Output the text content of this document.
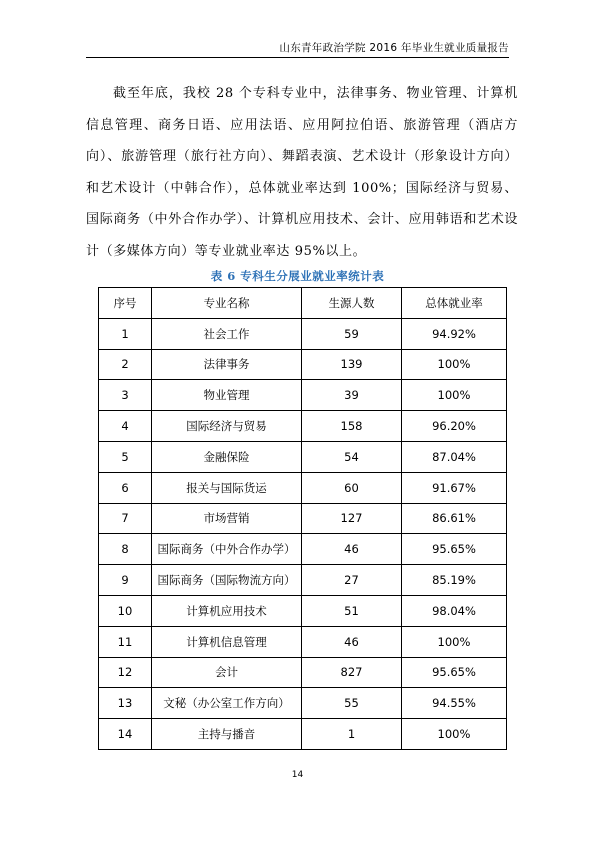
山东青年政治学院 2016 年毕业生就业质量报告

截至年底，我校 28 个专科专业中，法律事务、物业管理、计算机信息管理、商务日语、应用法语、应用阿拉伯语、旅游管理（酒店方向）、旅游管理（旅行社方向）、舞蹈表演、艺术设计（形象设计方向）和艺术设计（中韩合作），总体就业率达到 100%；国际经济与贸易、国际商务（中外合作办学）、计算机应用技术、会计、应用韩语和艺术设计（多媒体方向）等专业就业率达 95%以上。

表 6 专科生分展业就业率统计表
序号	专业名称	生源人数	总体就业率
1	社会工作	59	94.92%
2	法律事务	139	100%
3	物业管理	39	100%
4	国际经济与贸易	158	96.20%
5	金融保险	54	87.04%
6	报关与国际货运	60	91.67%
7	市场营销	127	86.61%
8	国际商务（中外合作办学）	46	95.65%
9	国际商务（国际物流方向）	27	85.19%
10	计算机应用技术	51	98.04%
11	计算机信息管理	46	100%
12	会计	827	95.65%
13	文秘（办公室工作方向）	55	94.55%
14	主持与播音	1	100%
14
